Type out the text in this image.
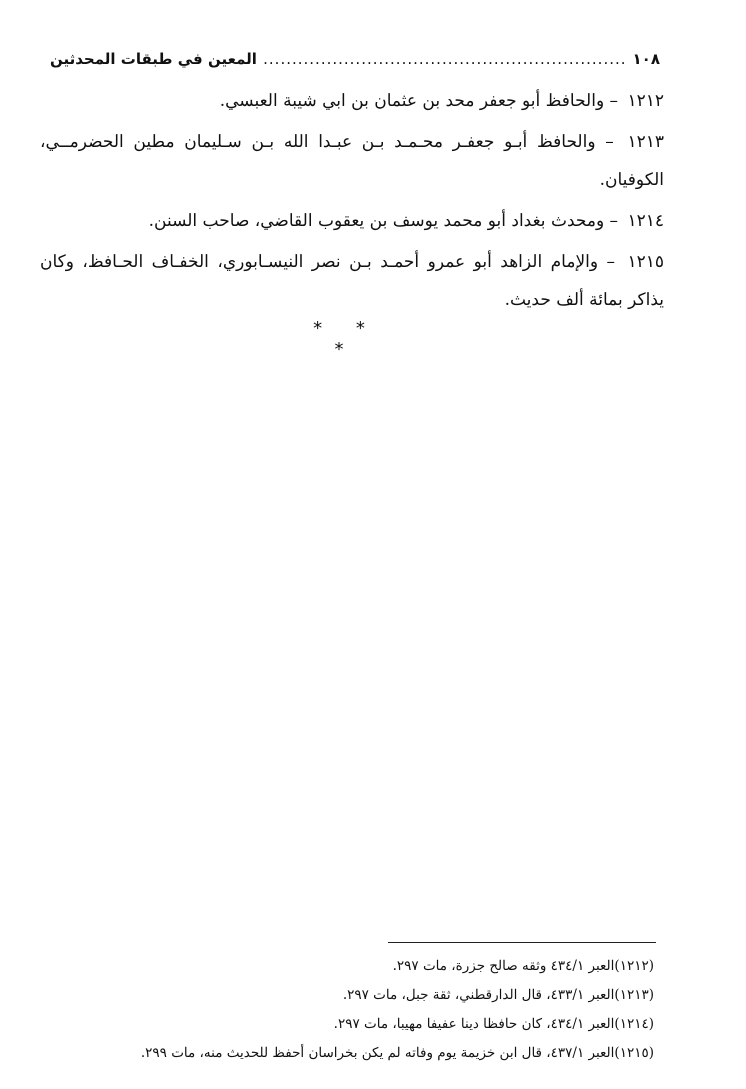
١٠٨
.....
المعين في طبقات المحدثين

١٢١٢ – والحافظ أبو جعفر محد بن عثمان بن ابي شيبة العبسي.

١٢١٣ – والحافظ أبـو جعفـر محـمـد بـن عبـدا الله بـن سـليمان مطين الحضرمــي، الكوفيان.

١٢١٤ – ومحدث بغداد أبو محمد يوسف بن يعقوب القاضي، صاحب السنن.

١٢١٥ – والإمام الزاهد أبو عمرو أحمـد بـن نصر النيسـابوري، الخفـاف الحـافظ، وكان يذاكر بمائة ألف حديث.

* * *
(١٢١٢)العبر ٤٣٤/١ وثقه صالح جزرة، مات ٢٩٧.
(١٢١٣)العبر ٤٣٣/١، قال الدارقطني، ثقة جبل، مات ٢٩٧.
(١٢١٤)العبر ٤٣٤/١، كان حافظا دينا عفيفا مهيبا، مات ٢٩٧.
(١٢١٥)العبر ٤٣٧/١، قال ابن خزيمة يوم وفاته لم يكن بخراسان أحفظ للحديث منه، مات ٢٩٩.
